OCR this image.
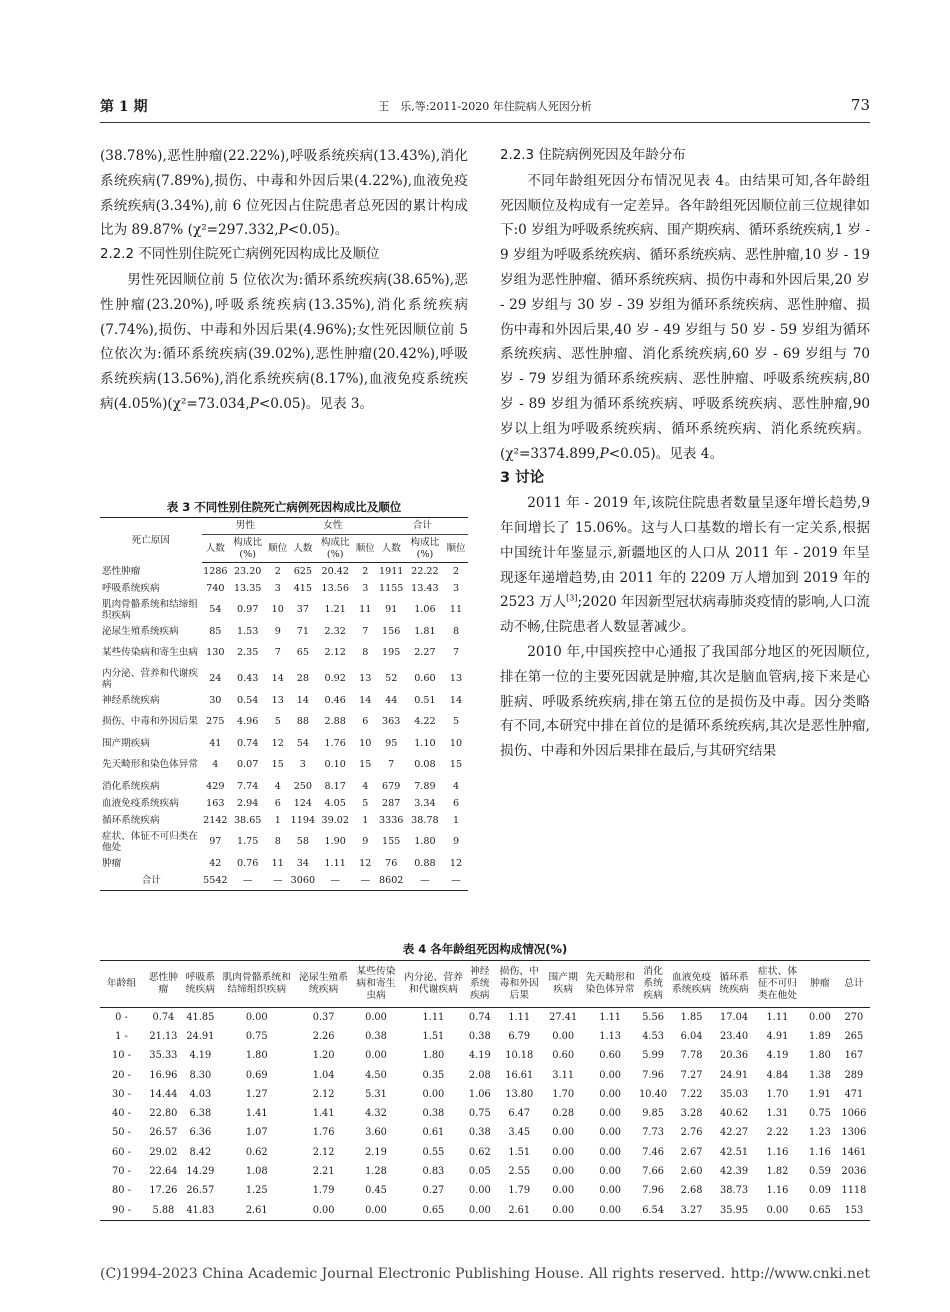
第 1 期	王　乐,等:2011-2020 年住院病人死因分析	73

(38.78%),恶性肿瘤(22.22%),呼吸系统疾病(13.43%),消化系统疾病(7.89%),损伤、中毒和外因后果(4.22%),血液免疫系统疾病(3.34%),前 6 位死因占住院患者总死因的累计构成比为 89.87% (χ²=297.332,P<0.05)。

2.2.2 不同性别住院死亡病例死因构成比及顺位

男性死因顺位前 5 位依次为:循环系统疾病(38.65%),恶性肿瘤(23.20%),呼吸系统疾病(13.35%),消化系统疾病(7.74%),损伤、中毒和外因后果(4.96%);女性死因顺位前 5 位依次为:循环系统疾病(39.02%),恶性肿瘤(20.42%),呼吸系统疾病(13.56%),消化系统疾病(8.17%),血液免疫系统疾病(4.05%)(χ²=73.034,P<0.05)。见表 3。

表 3 不同性别住院死亡病例死因构成比及顺位
死亡原因	男性			女性			合计		
	人数	构成比(%)	顺位	人数	构成比(%)	顺位	人数	构成比(%)	顺位
恶性肿瘤	1286	23.20	2	625	20.42	2	1911	22.22	2
呼吸系统疾病	740	13.35	3	415	13.56	3	1155	13.43	3
肌肉骨骼系统和结缔组织疾病	54	0.97	10	37	1.21	11	91	1.06	11
泌尿生殖系统疾病	85	1.53	9	71	2.32	7	156	1.81	8
某些传染病和寄生虫病	130	2.35	7	65	2.12	8	195	2.27	7
内分泌、营养和代谢疾病	24	0.43	14	28	0.92	13	52	0.60	13
神经系统疾病	30	0.54	13	14	0.46	14	44	0.51	14
损伤、中毒和外因后果	275	4.96	5	88	2.88	6	363	4.22	5
围产期疾病	41	0.74	12	54	1.76	10	95	1.10	10
先天畸形和染色体异常	4	0.07	15	3	0.10	15	7	0.08	15
消化系统疾病	429	7.74	4	250	8.17	4	679	7.89	4
血液免疫系统疾病	163	2.94	6	124	4.05	5	287	3.34	6
循环系统疾病	2142	38.65	1	1194	39.02	1	3336	38.78	1
症状、体征不可归类在他处	97	1.75	8	58	1.90	9	155	1.80	9
肿瘤	42	0.76	11	34	1.11	12	76	0.88	12
合计	5542	—	—	3060	—	—	8602	—	—

2.2.3 住院病例死因及年龄分布

不同年龄组死因分布情况见表 4。由结果可知,各年龄组死因顺位及构成有一定差异。各年龄组死因顺位前三位规律如下:0 岁组为呼吸系统疾病、围产期疾病、循环系统疾病,1 岁 - 9 岁组为呼吸系统疾病、循环系统疾病、恶性肿瘤,10 岁 - 19 岁组为恶性肿瘤、循环系统疾病、损伤中毒和外因后果,20 岁 - 29 岁组与 30 岁 - 39 岁组为循环系统疾病、恶性肿瘤、损伤中毒和外因后果,40 岁 - 49 岁组与 50 岁 - 59 岁组为循环系统疾病、恶性肿瘤、消化系统疾病,60 岁 - 69 岁组与 70 岁 - 79 岁组为循环系统疾病、恶性肿瘤、呼吸系统疾病,80 岁 - 89 岁组为循环系统疾病、呼吸系统疾病、恶性肿瘤,90 岁以上组为呼吸系统疾病、循环系统疾病、消化系统疾病。(χ²=3374.899,P<0.05)。见表 4。

3 讨论

2011 年 - 2019 年,该院住院患者数量呈逐年增长趋势,9 年间增长了 15.06%。这与人口基数的增长有一定关系,根据中国统计年鉴显示,新疆地区的人口从 2011 年 - 2019 年呈现逐年递增趋势,由 2011 年的 2209 万人增加到 2019 年的 2523 万人[3];2020 年因新型冠状病毒肺炎疫情的影响,人口流动不畅,住院患者人数显著减少。

2010 年,中国疾控中心通报了我国部分地区的死因顺位,排在第一位的主要死因就是肿瘤,其次是脑血管病,接下来是心脏病、呼吸系统疾病,排在第五位的是损伤及中毒。因分类略有不同,本研究中排在首位的是循环系统疾病,其次是恶性肿瘤,损伤、中毒和外因后果排在最后,与其研究结果

表 4 各年龄组死因构成情况(%)
年龄组	恶性肿瘤	呼吸系统疾病	肌肉骨骼系统和结缔组织疾病	泌尿生殖系统疾病	某些传染病和寄生虫病	内分泌、营养和代谢疾病	神经系统疾病	损伤、中毒和外因后果	围产期疾病	先天畸形和染色体异常	消化系统疾病	血液免疫系统疾病	循环系统疾病	症状、体征不可归类在他处	肿瘤	总计
0 -	0.74	41.85	0.00	0.37	0.00	1.11	0.74	1.11	27.41	1.11	5.56	1.85	17.04	1.11	0.00	270
1 -	21.13	24.91	0.75	2.26	0.38	1.51	0.38	6.79	0.00	1.13	4.53	6.04	23.40	4.91	1.89	265
10 -	35.33	4.19	1.80	1.20	0.00	1.80	4.19	10.18	0.60	0.60	5.99	7.78	20.36	4.19	1.80	167
20 -	16.96	8.30	0.69	1.04	4.50	0.35	2.08	16.61	3.11	0.00	7.96	7.27	24.91	4.84	1.38	289
30 -	14.44	4.03	1.27	2.12	5.31	0.00	1.06	13.80	1.70	0.00	10.40	7.22	35.03	1.70	1.91	471
40 -	22.80	6.38	1.41	1.41	4.32	0.38	0.75	6.47	0.28	0.00	9.85	3.28	40.62	1.31	0.75	1066
50 -	26.57	6.36	1.07	1.76	3.60	0.61	0.38	3.45	0.00	0.00	7.73	2.76	42.27	2.22	1.23	1306
60 -	29.02	8.42	0.62	2.12	2.19	0.55	0.62	1.51	0.00	0.00	7.46	2.67	42.51	1.16	1.16	1461
70 -	22.64	14.29	1.08	2.21	1.28	0.83	0.05	2.55	0.00	0.00	7.66	2.60	42.39	1.82	0.59	2036
80 -	17.26	26.57	1.25	1.79	0.45	0.27	0.00	1.79	0.00	0.00	7.96	2.68	38.73	1.16	0.09	1118
90 -	5.88	41.83	2.61	0.00	0.00	0.65	0.00	2.61	0.00	0.00	6.54	3.27	35.95	0.00	0.65	153
(C)1994-2023 China Academic Journal Electronic Publishing House. All rights reserved. http://www.cnki.net
